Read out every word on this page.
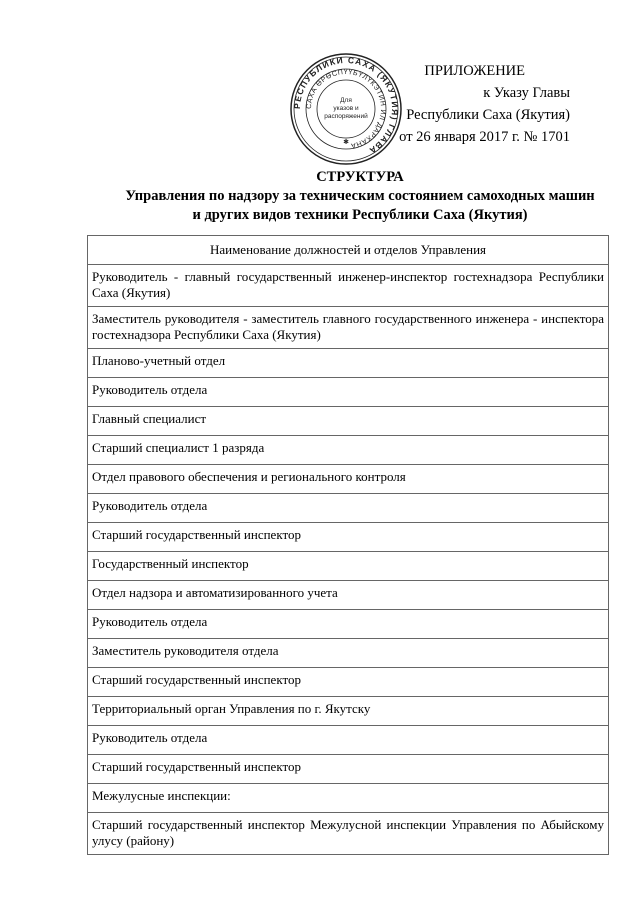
РЕСПУБЛИКИ САХА (ЯКУТИЯ) ГЛАВА
САХА ӨРӨСПҮҮБҮЛҮКЭТИН ИЛ ДАРХАНА
Для
указов и
распоряжений
✱
ПРИЛОЖЕНИЕ
к Указу Главы
Республики Саха (Якутия)
от 26 января 2017 г. № 1701
СТРУКТУРА
Управления по надзору за техническим состоянием самоходных машин
и других видов техники Республики Саха (Якутия)
Наименование должностей и отделов Управления
Руководитель - главный государственный инженер-инспектор гостехнадзора Республики Саха (Якутия)
Заместитель руководителя - заместитель главного государственного инженера - инспектора гостехнадзора Республики Саха (Якутия)
Планово-учетный отдел
Руководитель отдела
Главный специалист
Старший специалист 1 разряда
Отдел правового обеспечения и регионального контроля
Руководитель отдела
Старший государственный инспектор
Государственный инспектор
Отдел надзора и автоматизированного учета
Руководитель отдела
Заместитель руководителя отдела
Старший государственный инспектор
Территориальный орган Управления по г. Якутску
Руководитель отдела
Старший государственный инспектор
Межулусные инспекции:
Старший государственный инспектор Межулусной инспекции Управления по Абыйскому улусу (району)
